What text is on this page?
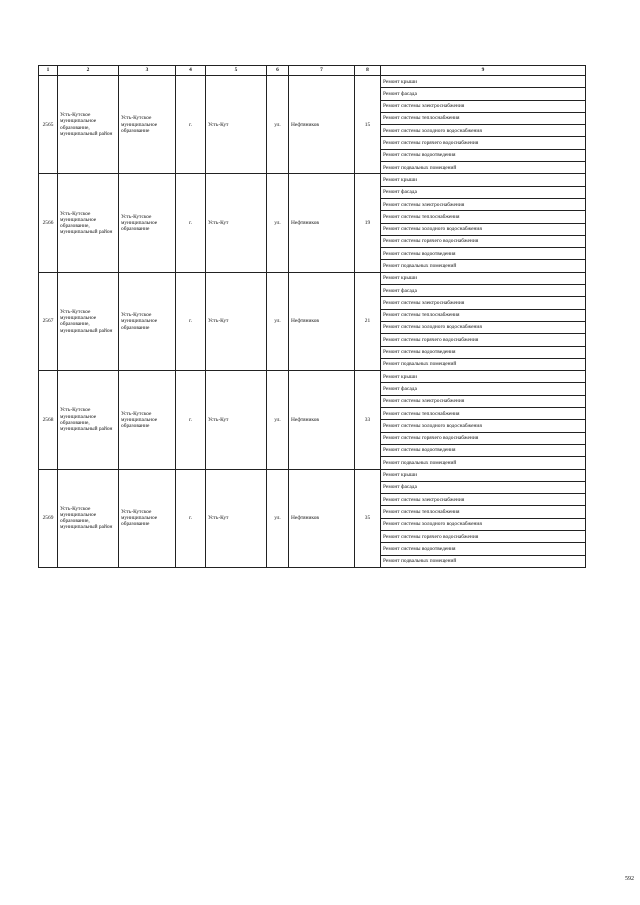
1	2	3	4	5	6	7	8	9
2565	Усть-Кутское муниципальное образование, муниципальный район	Усть-Кутское муниципальное образование	г.	Усть-Кут	ул.	Нефтяников	15	Ремонт крыши
								Ремонт фасада
								Ремонт системы электроснабжения
								Ремонт системы теплоснабжения
								Ремонт системы холодного водоснабжения
								Ремонт системы горячего водоснабжения
								Ремонт системы водоотведения
								Ремонт подвальных помещений
2566	Усть-Кутское муниципальное образование, муниципальный район	Усть-Кутское муниципальное образование	г.	Усть-Кут	ул.	Нефтяников	19	Ремонт крыши
								Ремонт фасада
								Ремонт системы электроснабжения
								Ремонт системы теплоснабжения
								Ремонт системы холодного водоснабжения
								Ремонт системы горячего водоснабжения
								Ремонт системы водоотведения
								Ремонт подвальных помещений
2567	Усть-Кутское муниципальное образование, муниципальный район	Усть-Кутское муниципальное образование	г.	Усть-Кут	ул.	Нефтяников	21	Ремонт крыши
								Ремонт фасада
								Ремонт системы электроснабжения
								Ремонт системы теплоснабжения
								Ремонт системы холодного водоснабжения
								Ремонт системы горячего водоснабжения
								Ремонт системы водоотведения
								Ремонт подвальных помещений
2568	Усть-Кутское муниципальное образование, муниципальный район	Усть-Кутское муниципальное образование	г.	Усть-Кут	ул.	Нефтяников	33	Ремонт крыши
								Ремонт фасада
								Ремонт системы электроснабжения
								Ремонт системы теплоснабжения
								Ремонт системы холодного водоснабжения
								Ремонт системы горячего водоснабжения
								Ремонт системы водоотведения
								Ремонт подвальных помещений
2569	Усть-Кутское муниципальное образование, муниципальный район	Усть-Кутское муниципальное образование	г.	Усть-Кут	ул.	Нефтяников	35	Ремонт крыши
								Ремонт фасада
								Ремонт системы электроснабжения
								Ремонт системы теплоснабжения
								Ремонт системы холодного водоснабжения
								Ремонт системы горячего водоснабжения
								Ремонт системы водоотведения
								Ремонт подвальных помещений
592
